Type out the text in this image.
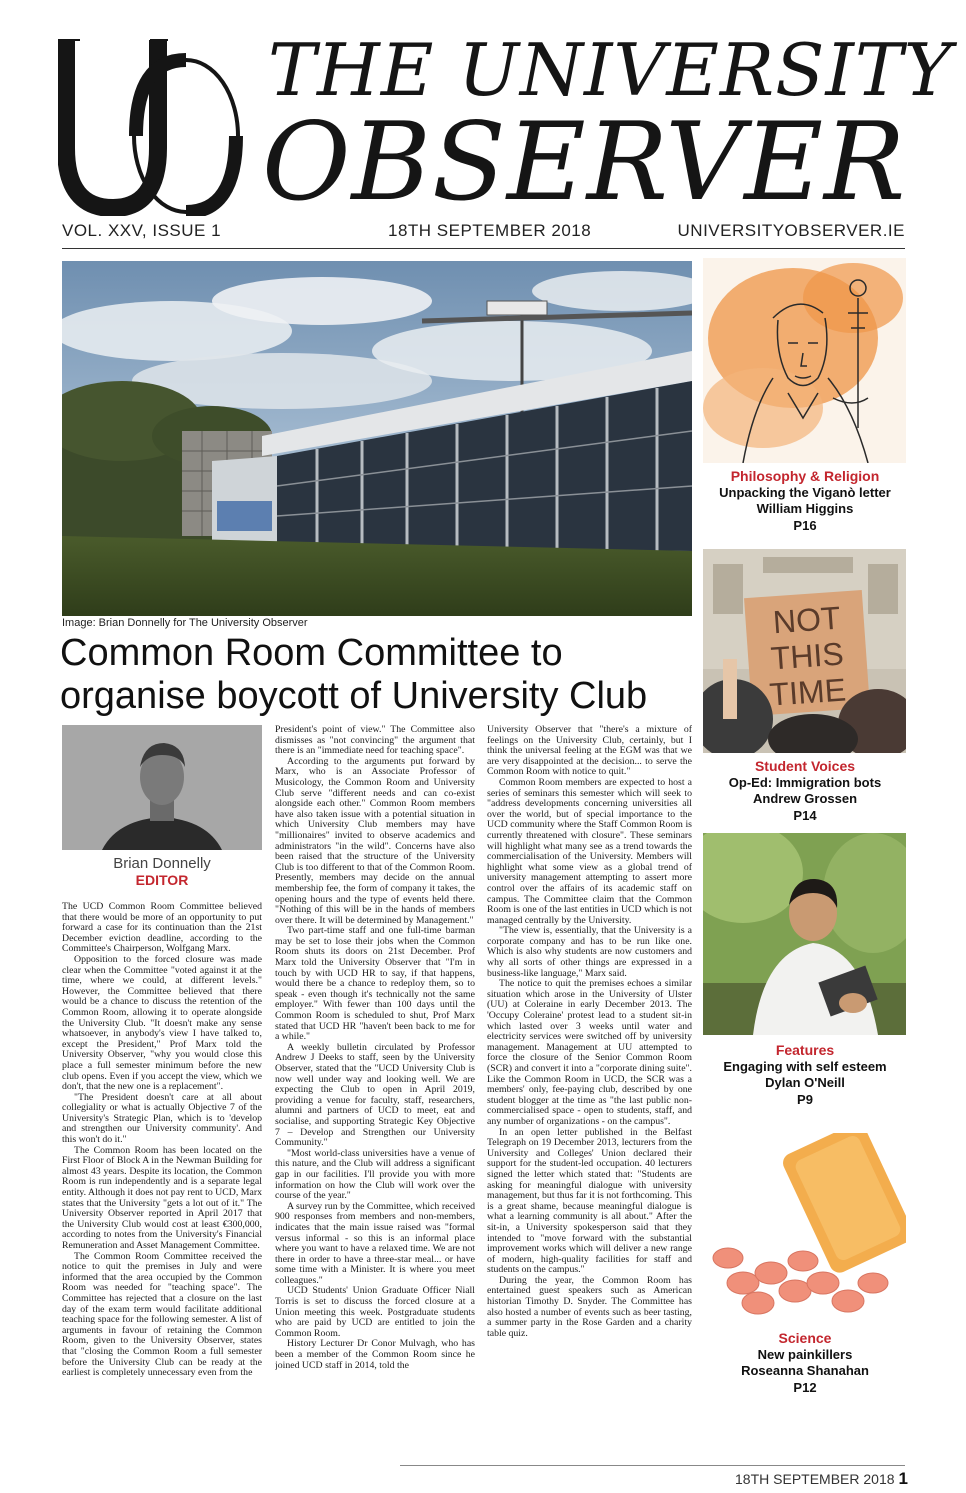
THE UNIVERSITY
OBSERVER
VOL. XXV, ISSUE 1	18TH SEPTEMBER 2018	UNIVERSITYOBSERVER.IE
Image: Brian Donnelly for The University Observer
Common Room Committee to organise boycott of University Club
Brian Donnelly
EDITOR

The UCD Common Room Committee believed that there would be more of an opportunity to put forward a case for its continuation than the 21st December eviction deadline, according to the Committee's Chairperson, Wolfgang Marx.

Opposition to the forced closure was made clear when the Committee "voted against it at the time, where we could, at different levels." However, the Committee believed that there would be a chance to discuss the retention of the Common Room, allowing it to operate alongside the University Club. "It doesn't make any sense whatsoever, in anybody's view I have talked to, except the President," Prof Marx told the University Observer, "why you would close this place a full semester minimum before the new club opens. Even if you accept the view, which we don't, that the new one is a replacement".

"The President doesn't care at all about collegiality or what is actually Objective 7 of the University's Strategic Plan, which is to 'develop and strengthen our University community'. And this won't do it."

The Common Room has been located on the First Floor of Block A in the Newman Building for almost 43 years. Despite its location, the Common Room is run independently and is a separate legal entity. Although it does not pay rent to UCD, Marx states that the University "gets a lot out of it." The University Observer reported in April 2017 that the University Club would cost at least €300,000, according to notes from the University's Financial Remuneration and Asset Management Committee.

The Common Room Committee received the notice to quit the premises in July and were informed that the area occupied by the Common Room was needed for "teaching space". The Committee has rejected that a closure on the last day of the exam term would facilitate additional teaching space for the following semester. A list of arguments in favour of retaining the Common Room, given to the University Observer, states that "closing the Common Room a full semester before the University Club can be ready at the earliest is completely unnecessary even from the

President's point of view." The Committee also dismisses as "not convincing" the argument that there is an "immediate need for teaching space".

According to the arguments put forward by Marx, who is an Associate Professor of Musicology, the Common Room and University Club serve "different needs and can co-exist alongside each other." Common Room members have also taken issue with a potential situation in which University Club members may have "millionaires" invited to observe academics and administrators "in the wild". Concerns have also been raised that the structure of the University Club is too different to that of the Common Room. Presently, members may decide on the annual membership fee, the form of company it takes, the opening hours and the type of events held there. "Nothing of this will be in the hands of members over there. It will be determined by Management."

Two part-time staff and one full-time barman may be set to lose their jobs when the Common Room shuts its doors on 21st December. Prof Marx told the University Observer that "I'm in touch by with UCD HR to say, if that happens, would there be a chance to redeploy them, so to speak - even though it's technically not the same employer." With fewer than 100 days until the Common Room is scheduled to shut, Prof Marx stated that UCD HR "haven't been back to me for a while."

A weekly bulletin circulated by Professor Andrew J Deeks to staff, seen by the University Observer, stated that the "UCD University Club is now well under way and looking well. We are expecting the Club to open in April 2019, providing a venue for faculty, staff, researchers, alumni and partners of UCD to meet, eat and socialise, and supporting Strategic Key Objective 7 – Develop and Strengthen our University Community."

"Most world-class universities have a venue of this nature, and the Club will address a significant gap in our facilities. I'll provide you with more information on how the Club will work over the course of the year."

A survey run by the Committee, which received 900 responses from members and non-members, indicates that the main issue raised was "formal versus informal - so this is an informal place where you want to have a relaxed time. We are not there in order to have a three-star meal... or have some time with a Minister. It is where you meet colleagues."

UCD Students' Union Graduate Officer Niall Torris is set to discuss the forced closure at a Union meeting this week. Postgraduate students who are paid by UCD are entitled to join the Common Room.

History Lecturer Dr Conor Mulvagh, who has been a member of the Common Room since he joined UCD staff in 2014, told the

University Observer that "there's a mixture of feelings on the University Club, certainly, but I think the universal feeling at the EGM was that we are very disappointed at the decision... to serve the Common Room with notice to quit."

Common Room members are expected to host a series of seminars this semester which will seek to "address developments concerning universities all over the world, but of special importance to the UCD community where the Staff Common Room is currently threatened with closure". These seminars will highlight what many see as a trend towards the commercialisation of the University. Members will highlight what some view as a global trend of university management attempting to assert more control over the affairs of its academic staff on campus. The Committee claim that the Common Room is one of the last entities in UCD which is not managed centrally by the University.

"The view is, essentially, that the University is a corporate company and has to be run like one. Which is also why students are now customers and why all sorts of other things are expressed in a business-like language," Marx said.

The notice to quit the premises echoes a similar situation which arose in the University of Ulster (UU) at Coleraine in early December 2013. The 'Occupy Coleraine' protest lead to a student sit-in which lasted over 3 weeks until water and electricity services were switched off by university management. Management at UU attempted to force the closure of the Senior Common Room (SCR) and convert it into a "corporate dining suite". Like the Common Room in UCD, the SCR was a members' only, fee-paying club, described by one student blogger at the time as "the last public non-commercialised space - open to students, staff, and any number of organizations - on the campus".

In an open letter published in the Belfast Telegraph on 19 December 2013, lecturers from the University and Colleges' Union declared their support for the student-led occupation. 40 lecturers signed the letter which stated that: "Students are asking for meaningful dialogue with university management, but thus far it is not forthcoming. This is a great shame, because meaningful dialogue is what a learning community is all about." After the sit-in, a University spokesperson said that they intended to "move forward with the substantial improvement works which will deliver a new range of modern, high-quality facilities for staff and students on the campus."

During the year, the Common Room has entertained guest speakers such as American historian Timothy D. Snyder. The Committee has also hosted a number of events such as beer tasting, a summer party in the Rose Garden and a charity table quiz.

Philosophy & Religion
Unpacking the Viganò letter
William Higgins
P16
NOT
THIS
TIME
Student Voices
Op-Ed: Immigration bots
Andrew Grossen
P14
Features
Engaging with self esteem
Dylan O'Neill
P9
Science
New painkillers
Roseanna Shanahan
P12
18TH SEPTEMBER 2018 1
